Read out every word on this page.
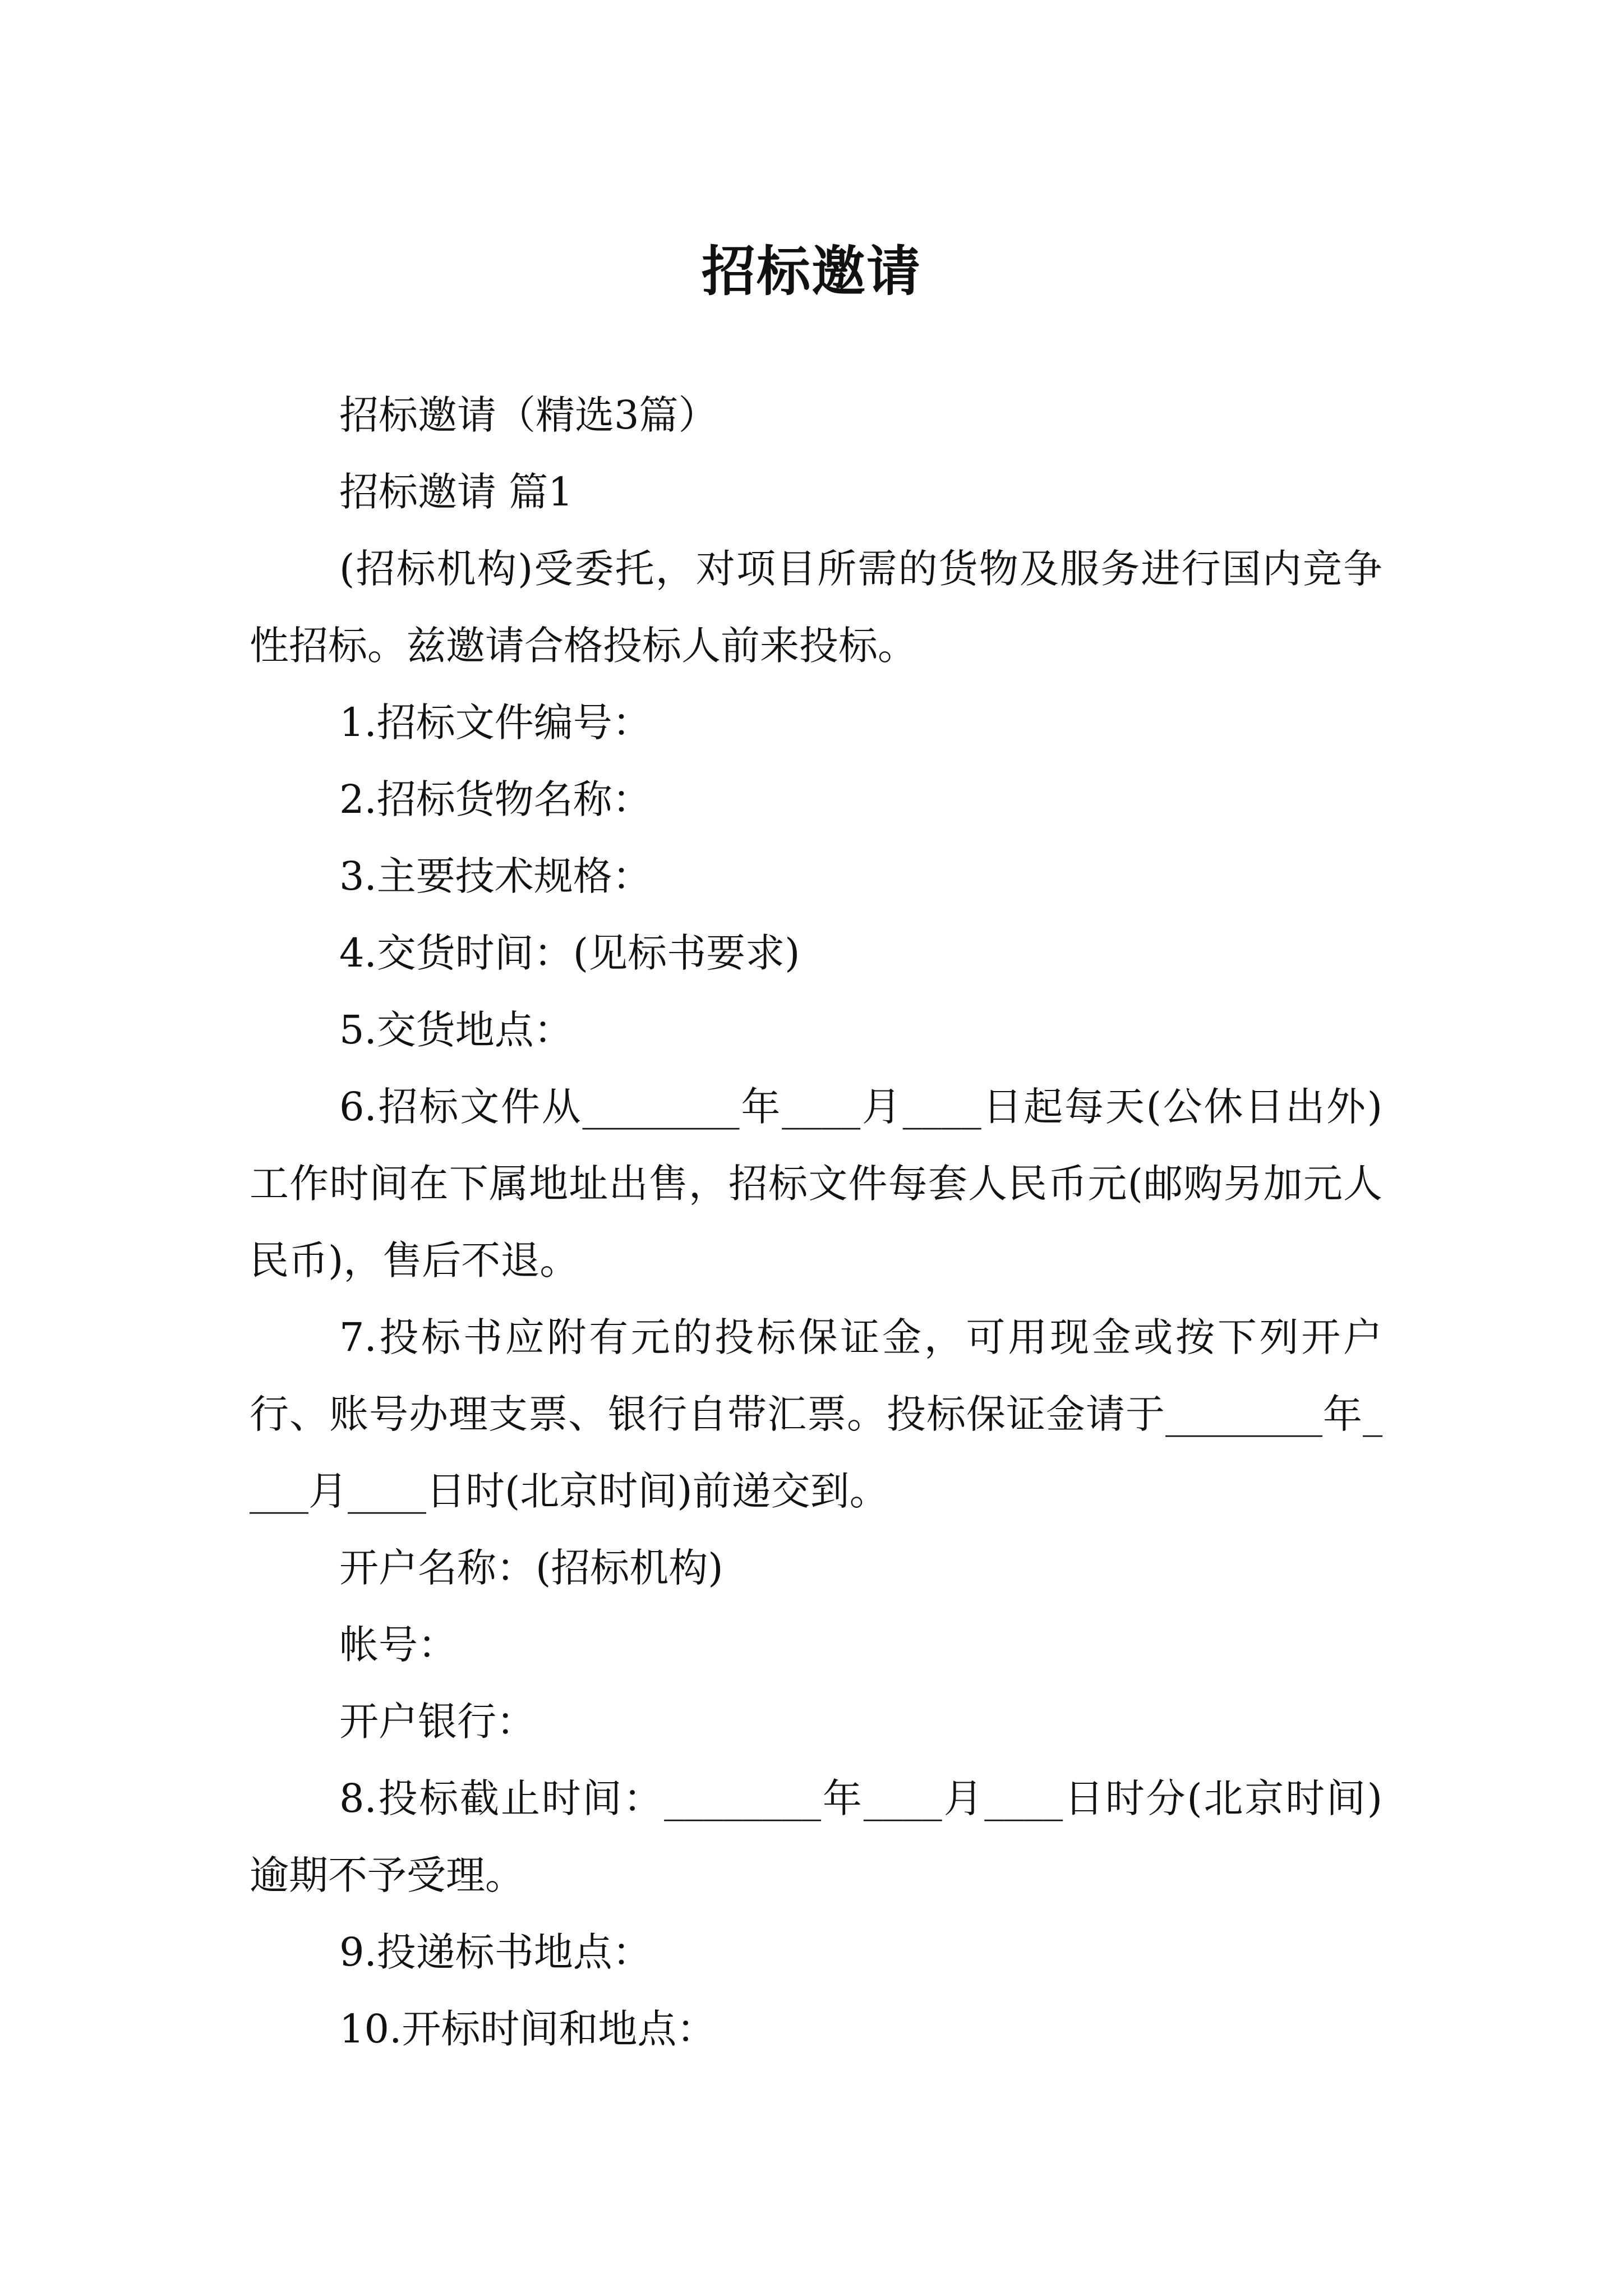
招标邀请

招标邀请（精选3篇）

招标邀请 篇1

(招标机构)受委托，对项目所需的货物及服务进行国内竞争性招标。兹邀请合格投标人前来投标。

1.招标文件编号：

2.招标货物名称：

3.主要技术规格：

4.交货时间：(见标书要求)

5.交货地点：

6.招标文件从________年____月____日起每天(公休日出外)工作时间在下属地址出售，招标文件每套人民币元(邮购另加元人民币)，售后不退。

7.投标书应附有元的投标保证金，可用现金或按下列开户行、账号办理支票、银行自带汇票。投标保证金请于________年____月____日时(北京时间)前递交到。

开户名称：(招标机构)

帐号：

开户银行：

8.投标截止时间：________年____月____日时分(北京时间)逾期不予受理。

9.投递标书地点：

10.开标时间和地点：
